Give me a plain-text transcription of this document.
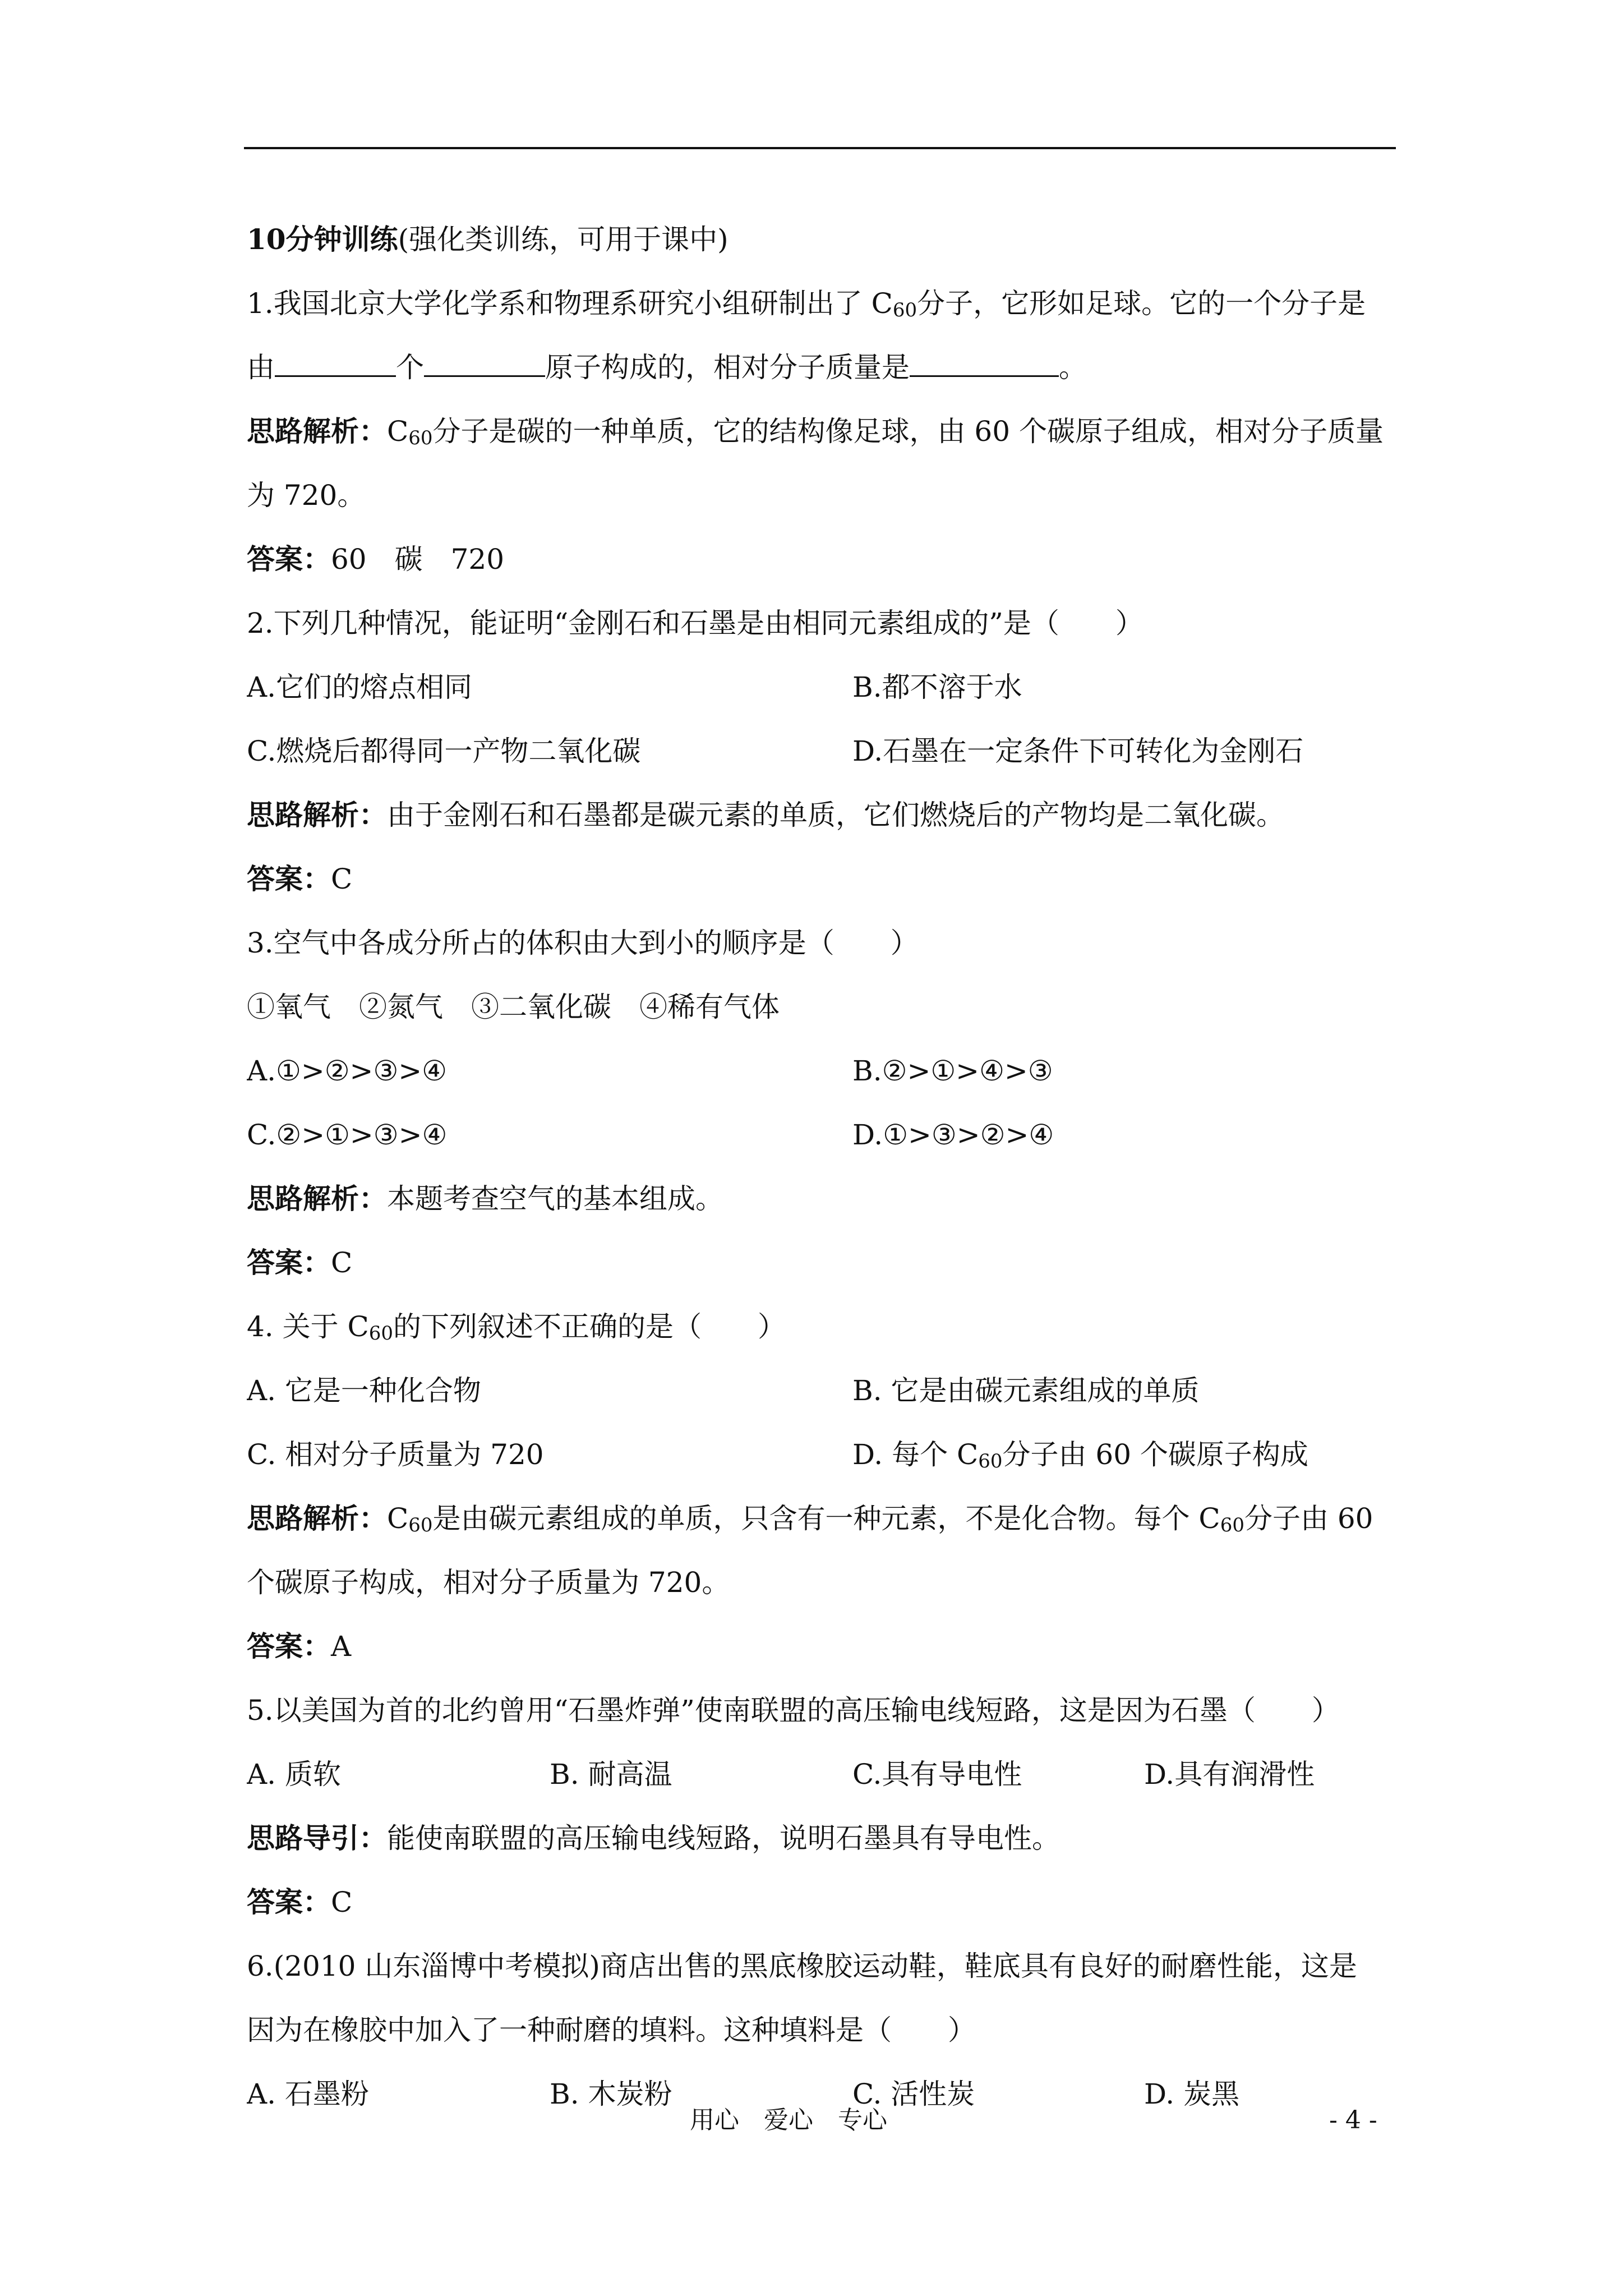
10分钟训练(强化类训练，可用于课中)
1.我国北京大学化学系和物理系研究小组研制出了 C60分子，它形如足球。它的一个分子是
由	个	原子构成的，相对分子质量是	。
思路解析：C60分子是碳的一种单质，它的结构像足球，由 60 个碳原子组成，相对分子质量
为 720。
答案：60　碳　720
2.下列几种情况，能证明“金刚石和石墨是由相同元素组成的”是（　　）
A.它们的熔点相同	B.都不溶于水
C.燃烧后都得同一产物二氧化碳	D.石墨在一定条件下可转化为金刚石
思路解析：由于金刚石和石墨都是碳元素的单质，它们燃烧后的产物均是二氧化碳。
答案：C
3.空气中各成分所占的体积由大到小的顺序是（　　）
①氧气　②氮气　③二氧化碳　④稀有气体
A.①>②>③>④	B.②>①>④>③
C.②>①>③>④	D.①>③>②>④
思路解析：本题考查空气的基本组成。
答案：C
4. 关于 C60的下列叙述不正确的是（　　）
A. 它是一种化合物	B. 它是由碳元素组成的单质
C. 相对分子质量为 720	D. 每个 C60分子由 60 个碳原子构成
思路解析：C60是由碳元素组成的单质，只含有一种元素，不是化合物。每个 C60分子由 60
个碳原子构成，相对分子质量为 720。
答案：A
5.以美国为首的北约曾用“石墨炸弹”使南联盟的高压输电线短路，这是因为石墨（　　）
A. 质软	B. 耐高温	C.具有导电性	D.具有润滑性
思路导引：能使南联盟的高压输电线短路，说明石墨具有导电性。
答案：C
6.(2010 山东淄博中考模拟)商店出售的黑底橡胶运动鞋，鞋底具有良好的耐磨性能，这是
因为在橡胶中加入了一种耐磨的填料。这种填料是（　　）
A. 石墨粉	B. 木炭粉	C. 活性炭	D. 炭黑
用心 爱心 专心	- 4 -
